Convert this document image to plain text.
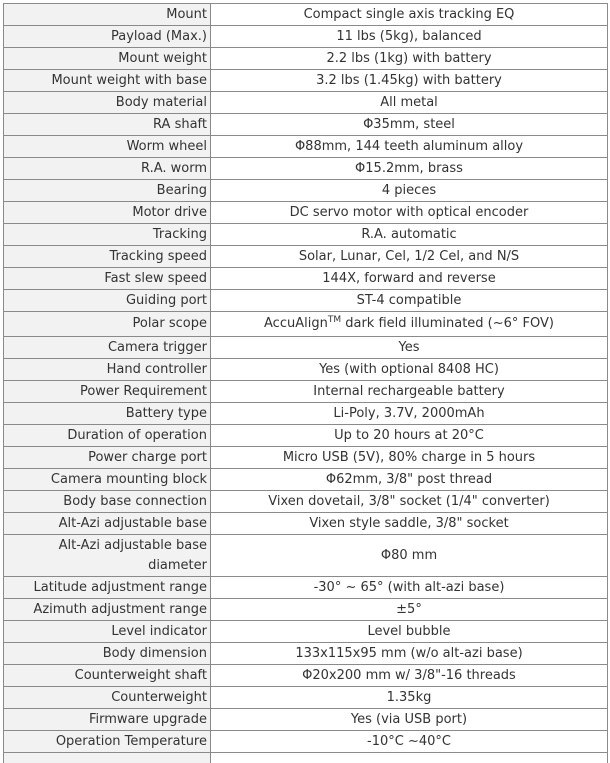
Mount	Compact single axis tracking EQ
Payload (Max.)	11 lbs (5kg), balanced
Mount weight	2.2 lbs (1kg) with battery
Mount weight with base	3.2 lbs (1.45kg) with battery
Body material	All metal
RA shaft	Φ35mm, steel
Worm wheel	Φ88mm, 144 teeth aluminum alloy
R.A. worm	Φ15.2mm, brass
Bearing	4 pieces
Motor drive	DC servo motor with optical encoder
Tracking	R.A. automatic
Tracking speed	Solar, Lunar, Cel, 1/2 Cel, and N/S
Fast slew speed	144X, forward and reverse
Guiding port	ST-4 compatible
Polar scope	AccuAlign™ dark field illuminated (~6° FOV)
Camera trigger	Yes
Hand controller	Yes (with optional 8408 HC)
Power Requirement	Internal rechargeable battery
Battery type	Li-Poly, 3.7V, 2000mAh
Duration of operation	Up to 20 hours at 20°C
Power charge port	Micro USB (5V), 80% charge in 5 hours
Camera mounting block	Φ62mm, 3/8" post thread
Body base connection	Vixen dovetail, 3/8" socket (1/4" converter)
Alt-Azi adjustable base	Vixen style saddle, 3/8" socket
Alt-Azi adjustable base diameter	Φ80 mm
Latitude adjustment range	-30° ~ 65° (with alt-azi base)
Azimuth adjustment range	±5°
Level indicator	Level bubble
Body dimension	133x115x95 mm (w/o alt-azi base)
Counterweight shaft	Φ20x200 mm w/ 3/8"-16 threads
Counterweight	1.35kg
Firmware upgrade	Yes (via USB port)
Operation Temperature	-10°C ~40°C
